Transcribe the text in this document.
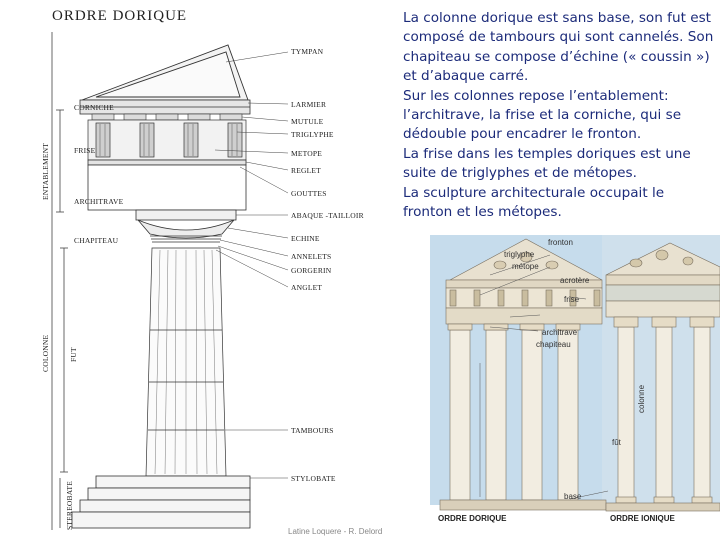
ORDRE DORIQUE
TYMPAN
LARMIER
MUTULE
TRIGLYPHE
METOPE
REGLET
GOUTTES
ABAQUE -TAILLOIR
ECHINE
ANNELETS
GORGERIN
ANGLET
TAMBOURS
STYLOBATE
CORNICHE
FRISE
ARCHITRAVE
CHAPITEAU
ENTABLEMENT
COLONNE	FUT
STEREOBATE
Latine Loquere - R. Delord

La colonne dorique est sans base, son fut est composé de tambours qui sont cannelés. Son chapiteau se compose d’échine (« coussin ») et d’abaque carré.

Sur les colonnes repose l’entablement: l’architrave, la frise et la corniche, qui se dédouble pour encadrer le fronton.

La frise dans les temples doriques est une suite de triglyphes et de métopes.

La sculpture architecturale occupait le fronton et les métopes.

fronton
triglyphe
métope
acrotère
frise
architrave
chapiteau
colonne
fût
base
ORDRE DORIQUE	ORDRE IONIQUE
